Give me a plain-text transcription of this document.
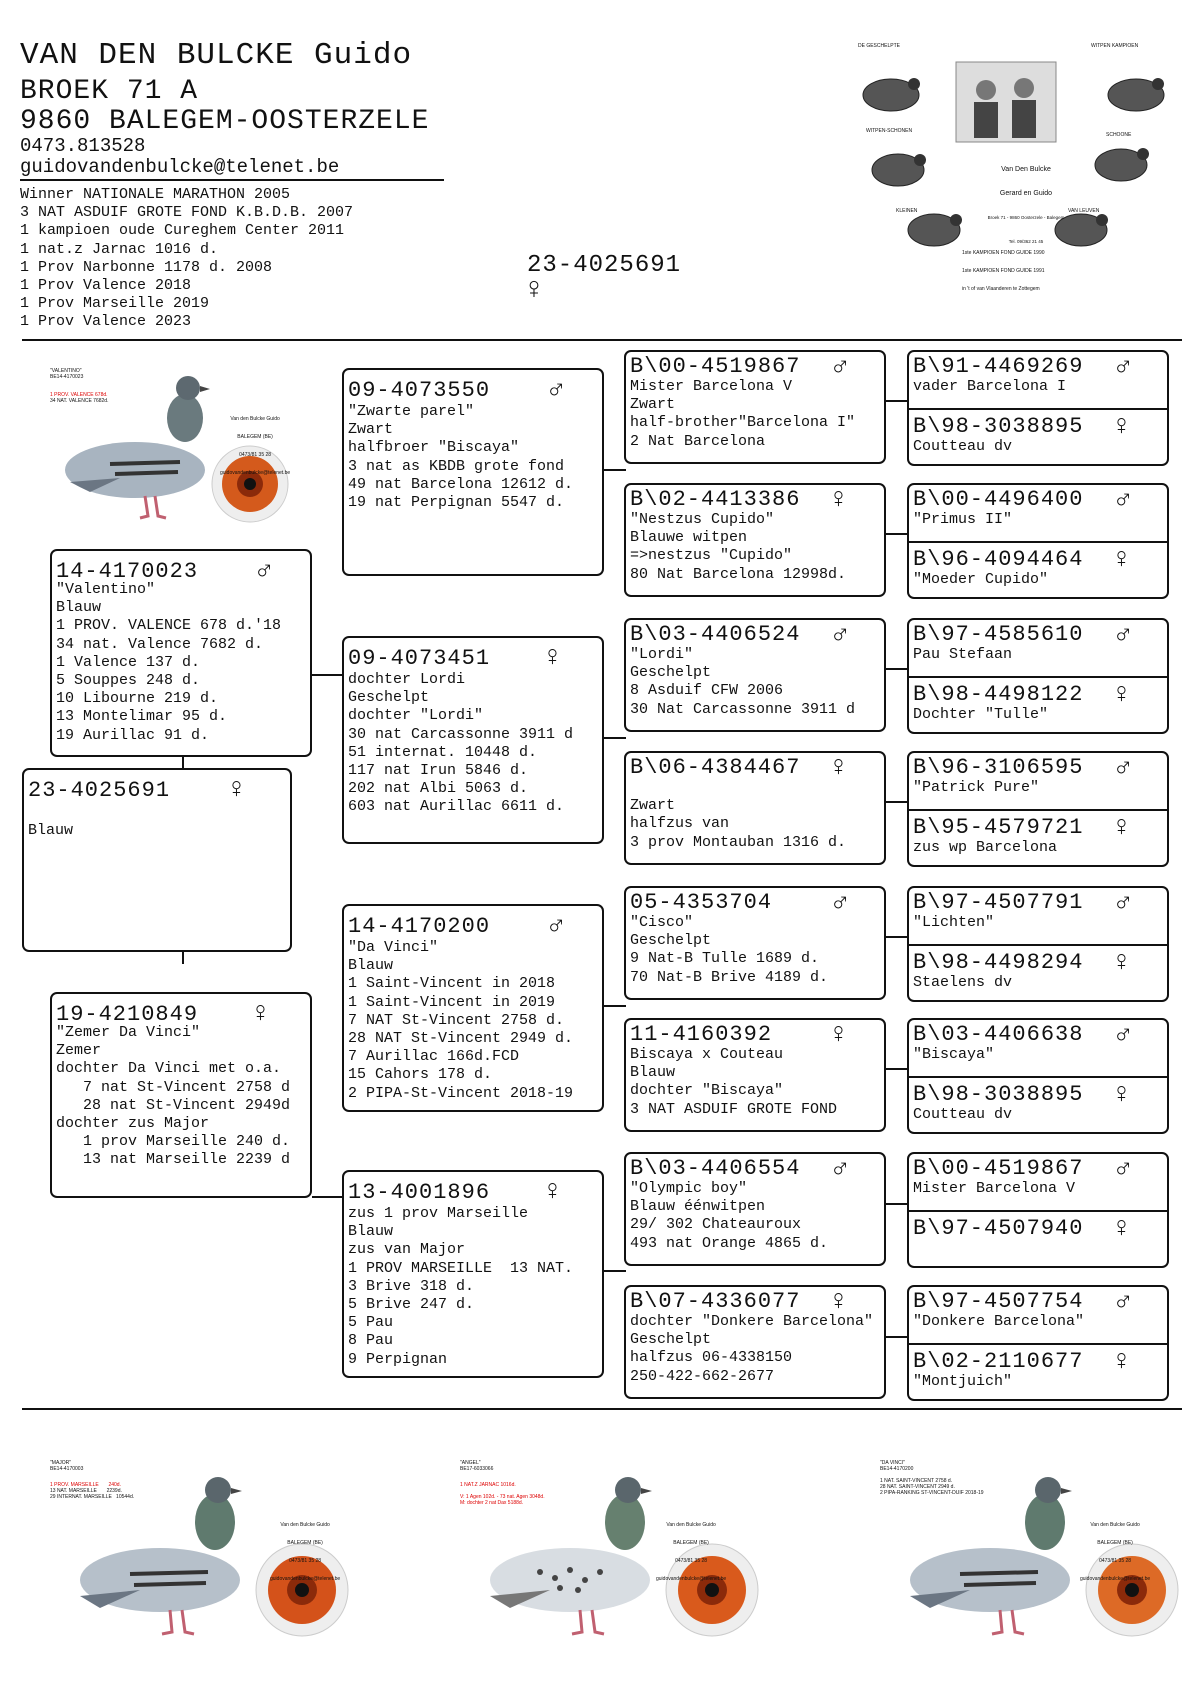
VAN DEN BULCKE Guido
BROEK 71 A
9860 BALEGEM-OOSTERZELE
0473.813528
guidovandenbulcke@telenet.be
Winner NATIONALE MARATHON 2005
3 NAT ASDUIF GROTE FOND K.B.D.B. 2007
1 kampioen oude Cureghem Center 2011
1 nat.z Jarnac 1016 d.
1 Prov Narbonne 1178 d. 2008
1 Prov Valence 2018
1 Prov Marseille 2019
1 Prov Valence 2023
23-4025691
♀

Van Den Bulcke

Gerard en Guido

Broek 71 - 9860 Oosterzele - Balegem

Tel. 09/362 21 45

DE GESCHELPTE	WITPEN KAMPIOEN
WITPEN-SCHONEN
SCHOONE
KLEINEN	VAN LEUVEN

1ste KAMPIOEN FOND GUIDE 1990

1ste KAMPIOEN FOND GUIDE 1991

in 't of van Vlaanderen te Zottegem

"VALENTINO"
BE14-4170023
1 PROV. VALENCE 678d.
34 NAT. VALENCE 7682d.

Van den Bulcke Guido

BALEGEM (BE)

0473/81 35 28

guidovandenbulcke@telenet.be

23-4025691 ♀
Blauw
14-4170023 ♂
"Valentino"
Blauw
1 PROV. VALENCE 678 d.'18
34 nat. Valence 7682 d.
1 Valence 137 d.
5 Souppes 248 d.
10 Libourne 219 d.
13 Montelimar 95 d.
19 Aurillac 91 d.
19-4210849 ♀
"Zemer Da Vinci"
Zemer
dochter Da Vinci met o.a.
7 nat St-Vincent 2758 d
28 nat St-Vincent 2949d
dochter zus Major
1 prov Marseille 240 d.
13 nat Marseille 2239 d
09-4073550 ♂
"Zwarte parel"
Zwart
halfbroer "Biscaya"
3 nat as KBDB grote fond
49 nat Barcelona 12612 d.
19 nat Perpignan 5547 d.
09-4073451 ♀
dochter Lordi
Geschelpt
dochter "Lordi"
30 nat Carcassonne 3911 d
51 internat. 10448 d.
117 nat Irun 5846 d.
202 nat Albi 5063 d.
603 nat Aurillac 6611 d.
14-4170200 ♂
"Da Vinci"
Blauw
1 Saint-Vincent in 2018
1 Saint-Vincent in 2019
7 NAT St-Vincent 2758 d.
28 NAT St-Vincent 2949 d.
7 Aurillac 166d.FCD
15 Cahors 178 d.
2 PIPA-St-Vincent 2018-19
13-4001896 ♀
zus 1 prov Marseille
Blauw
zus van Major
1 PROV MARSEILLE  13 NAT.
3 Brive 318 d.
5 Brive 247 d.
5 Pau
8 Pau
9 Perpignan
B\00-4519867 ♂
Mister Barcelona V
Zwart
half-brother"Barcelona I"
2 Nat Barcelona
B\02-4413386 ♀
"Nestzus Cupido"
Blauwe witpen
=>nestzus "Cupido"
80 Nat Barcelona 12998d.
B\03-4406524 ♂
"Lordi"
Geschelpt
8 Asduif CFW 2006
30 Nat Carcassonne 3911 d
B\06-4384467 ♀

Zwart
halfzus van
3 prov Montauban 1316 d.
05-4353704 ♂
"Cisco"
Geschelpt
9 Nat-B Tulle 1689 d.
70 Nat-B Brive 4189 d.
11-4160392 ♀
Biscaya x Couteau
Blauw
dochter "Biscaya"
3 NAT ASDUIF GROTE FOND
B\03-4406554 ♂
"Olympic boy"
Blauw éénwitpen
29/ 302 Chateauroux
493 nat Orange 4865 d.
B\07-4336077 ♀
dochter "Donkere Barcelona"
Geschelpt
halfzus 06-4338150
250-422-662-2677
B\91-4469269 ♂
vader Barcelona I
B\98-3038895 ♀
Coutteau dv
B\00-4496400 ♂
"Primus II"
B\96-4094464 ♀
"Moeder Cupido"
B\97-4585610 ♂
Pau Stefaan
B\98-4498122 ♀
Dochter "Tulle"
B\96-3106595 ♂
"Patrick Pure"
B\95-4579721 ♀
zus wp Barcelona
B\97-4507791 ♂
"Lichten"
B\98-4498294 ♀
Staelens dv
B\03-4406638 ♂
"Biscaya"
B\98-3038895 ♀
Coutteau dv
B\00-4519867 ♂
Mister Barcelona V
B\97-4507940 ♀
B\97-4507754 ♂
"Donkere Barcelona"
B\02-2110677 ♀
"Montjuich"
"MAJOR"
BE14-4170003
1 PROV. MARSEILLE       240d.
13 NAT. MARSEILLE       2239d.
29 INTERNAT. MARSEILLE   10544d.

Van den Bulcke Guido

BALEGEM (BE)

0473/81 35 28

guidovandenbulcke@telenet.be

"ANGEL"
BE17-6033066
1 NAT.Z JARNAC 1016d.
V: 1 Agen 102d. - 73 nat. Agen 3048d.
M: dochter 2 nat Dax 5188d.

Van den Bulcke Guido

BALEGEM (BE)

0473/81 35 28

guidovandenbulcke@telenet.be

"DA VINCI"
BE14-4170200
1 NAT. SAINT-VINCENT 2758 d.
28 NAT. SAINT-VINCENT 2949 d.
2 PIPA-RANKING ST-VINCENT-DUIF 2018-19

Van den Bulcke Guido

BALEGEM (BE)

0473/81 35 28

guidovandenbulcke@telenet.be
